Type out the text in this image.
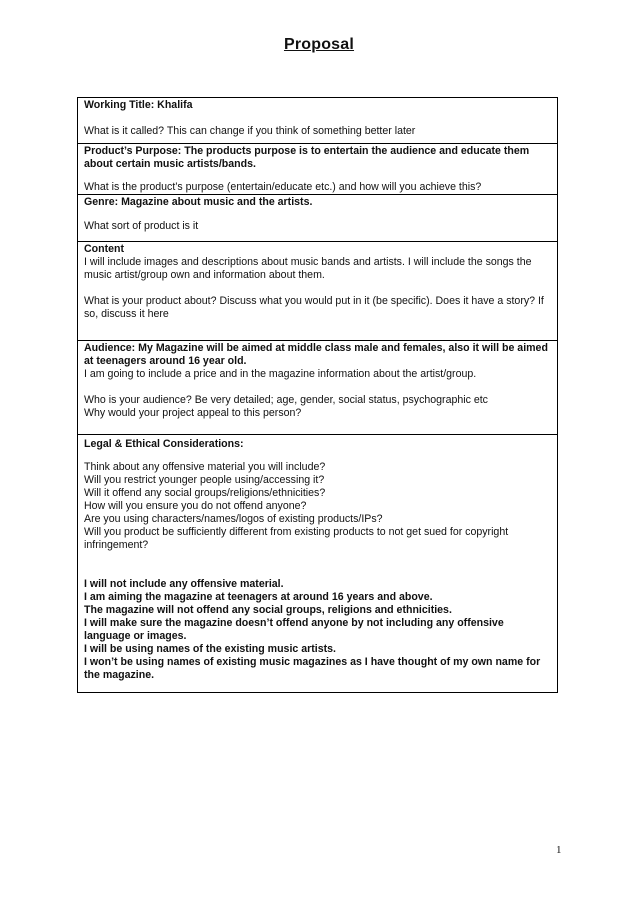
Proposal
Working Title: Khalifa
What is it called? This can change if you think of something better later
Product’s Purpose: The products purpose is to entertain the audience and educate them about certain music artists/bands.
What is the product’s purpose (entertain/educate etc.) and how will you achieve this?
Genre: Magazine about music and the artists.
What sort of product is it
Content
I will include images and descriptions about music bands and artists. I will include the songs the music artist/group own and information about them.
What is your product about? Discuss what you would put in it (be specific). Does it have a story? If so, discuss it here
Audience: My Magazine will be aimed at middle class male and females, also it will be aimed at teenagers around 16 year old.
I am going to include a price and in the magazine information about the artist/group.
Who is your audience? Be very detailed; age, gender, social status, psychographic etc
Why would your project appeal to this person?
Legal & Ethical Considerations:
Think about any offensive material you will include?
Will you restrict younger people using/accessing it?
Will it offend any social groups/religions/ethnicities?
How will you ensure you do not offend anyone?
Are you using characters/names/logos of existing products/IPs?
Will you product be sufficiently different from existing products to not get sued for copyright infringement?
I will not include any offensive material.
I am aiming the magazine at teenagers at around 16 years and above.
The magazine will not offend any social groups, religions and ethnicities.
I will make sure the magazine doesn’t offend anyone by not including any offensive language or images.
I will be using names of the existing music artists.
I won’t be using names of existing music magazines as I have thought of my own name for the magazine.
1
